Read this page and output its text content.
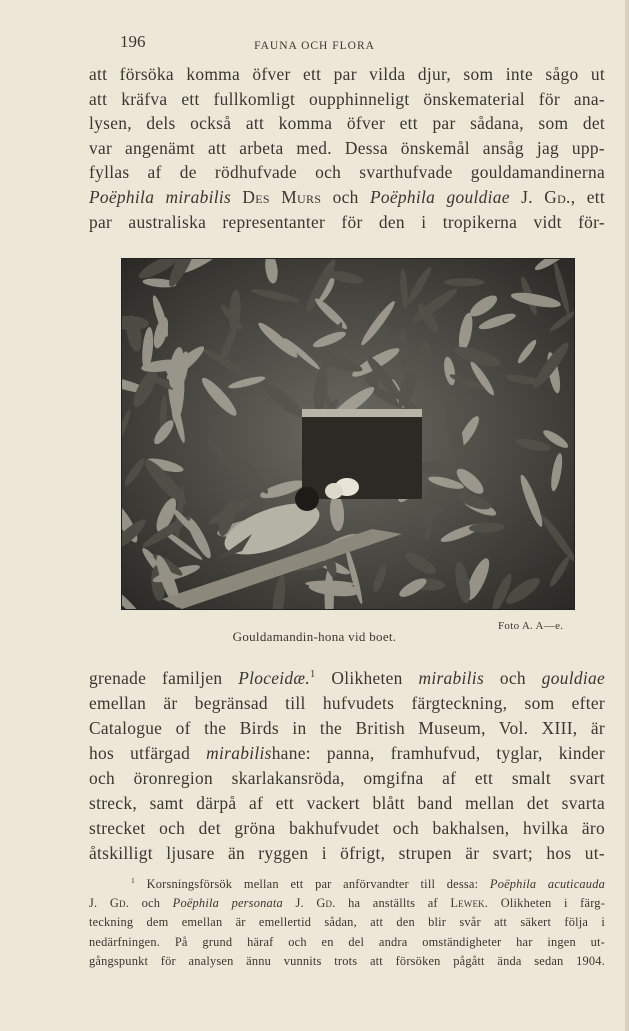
196	FAUNA OCH FLORA
att försöka komma öfver ett par vilda djur, som inte sågo ut
att kräfva ett fullkomligt oupphinneligt önskematerial för ana-
lysen, dels också att komma öfver ett par sådana, som det
var angenämt att arbeta med. Dessa önskemål ansåg jag upp-
fyllas af de rödhufvade och svarthufvade gouldamandinerna
Poëphila mirabilis Des Murs och Poëphila gouldiae J. Gd., ett
par australiska representanter för den i tropikerna vidt för-
Foto A. A—e.
Gouldamandin-hona vid boet.
grenade familjen Ploceidæ.$^1$ Olikheten mirabilis och gouldiae
emellan är begränsad till hufvudets färgteckning, som efter
Catalogue of the Birds in the British Museum, Vol. XIII, är
hos utfärgad mirabilishane: panna, framhufvud, tyglar, kinder
och öronregion skarlakansröda, omgifna af ett smalt svart
streck, samt därpå af ett vackert blått band mellan det svarta
strecket och det gröna bakhufvudet och bakhalsen, hvilka äro
åtskilligt ljusare än ryggen i öfrigt, strupen är svart; hos ut-
$^1$ Korsningsförsök mellan ett par anförvandter till dessa: Poëphila acuticauda
J. Gd. och Poëphila personata J. Gd. ha anställts af Lewek. Olikheten i färg-
teckning dem emellan är emellertid sådan, att den blir svår att säkert följa i
nedärfningen. På grund häraf och en del andra omständigheter har ingen ut-
gångspunkt för analysen ännu vunnits trots att försöken pågått ända sedan 1904.
